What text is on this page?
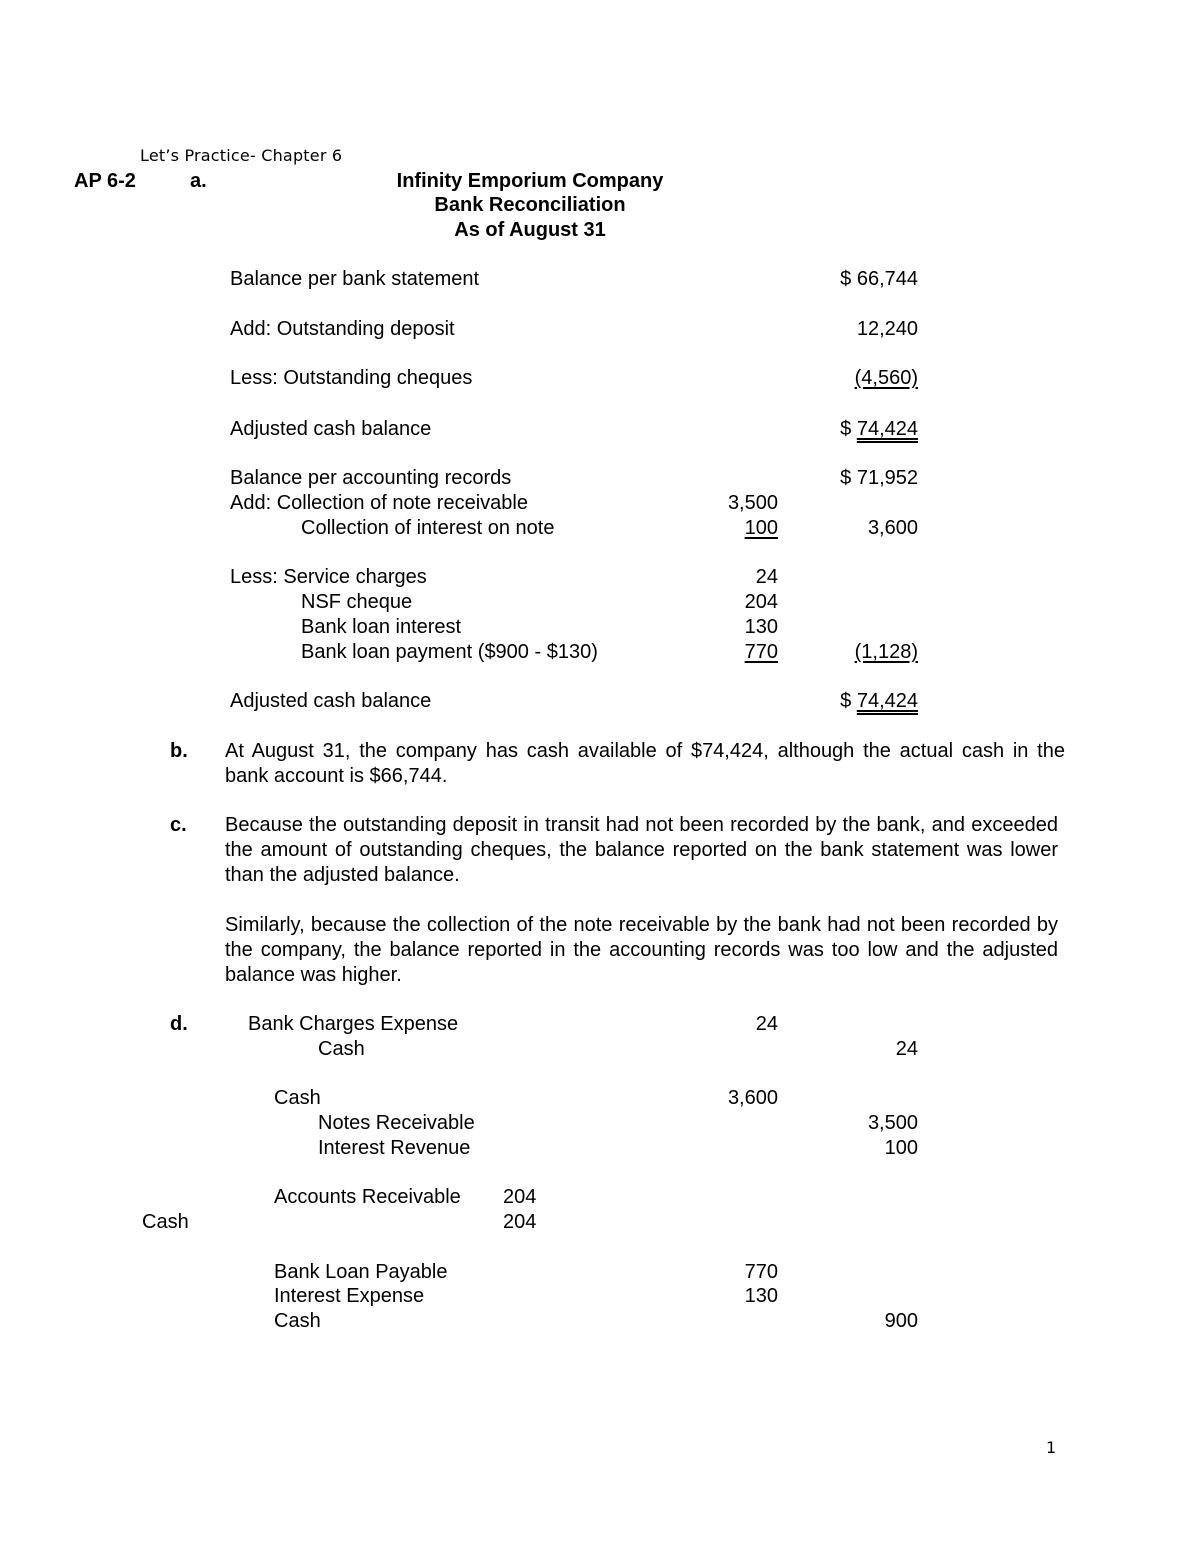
Let’s Practice- Chapter 6
AP 6-2	a.	Infinity Emporium Company
Bank Reconciliation
As of August 31
Balance per bank statement	$ 66,744
Add: Outstanding deposit	12,240
Less: Outstanding cheques	(4,560)
Adjusted cash balance	$ 74,424
Balance per accounting records	$ 71,952
Add: Collection of note receivable	3,500
Collection of interest on note	100	3,600
Less: Service charges	24
NSF cheque	204
Bank loan interest	130
Bank loan payment ($900 - $130)	770	(1,128)
Adjusted cash balance	$ 74,424
b. At August 31, the company has cash available of $74,424, although the actual cash in the bank account is $66,744.
c. Because the outstanding deposit in transit had not been recorded by the bank, and exceeded the amount of outstanding cheques, the balance reported on the bank statement was lower than the adjusted balance.
Similarly, because the collection of the note receivable by the bank had not been recorded by the company, the balance reported in the accounting records was too low and the adjusted balance was higher.
d.	Bank Charges Expense	24
Cash	24
Cash	3,600
Notes Receivable	3,500
Interest Revenue	100
Accounts Receivable 204
Cash	204
Bank Loan Payable	770
Interest Expense	130
Cash	900
1
